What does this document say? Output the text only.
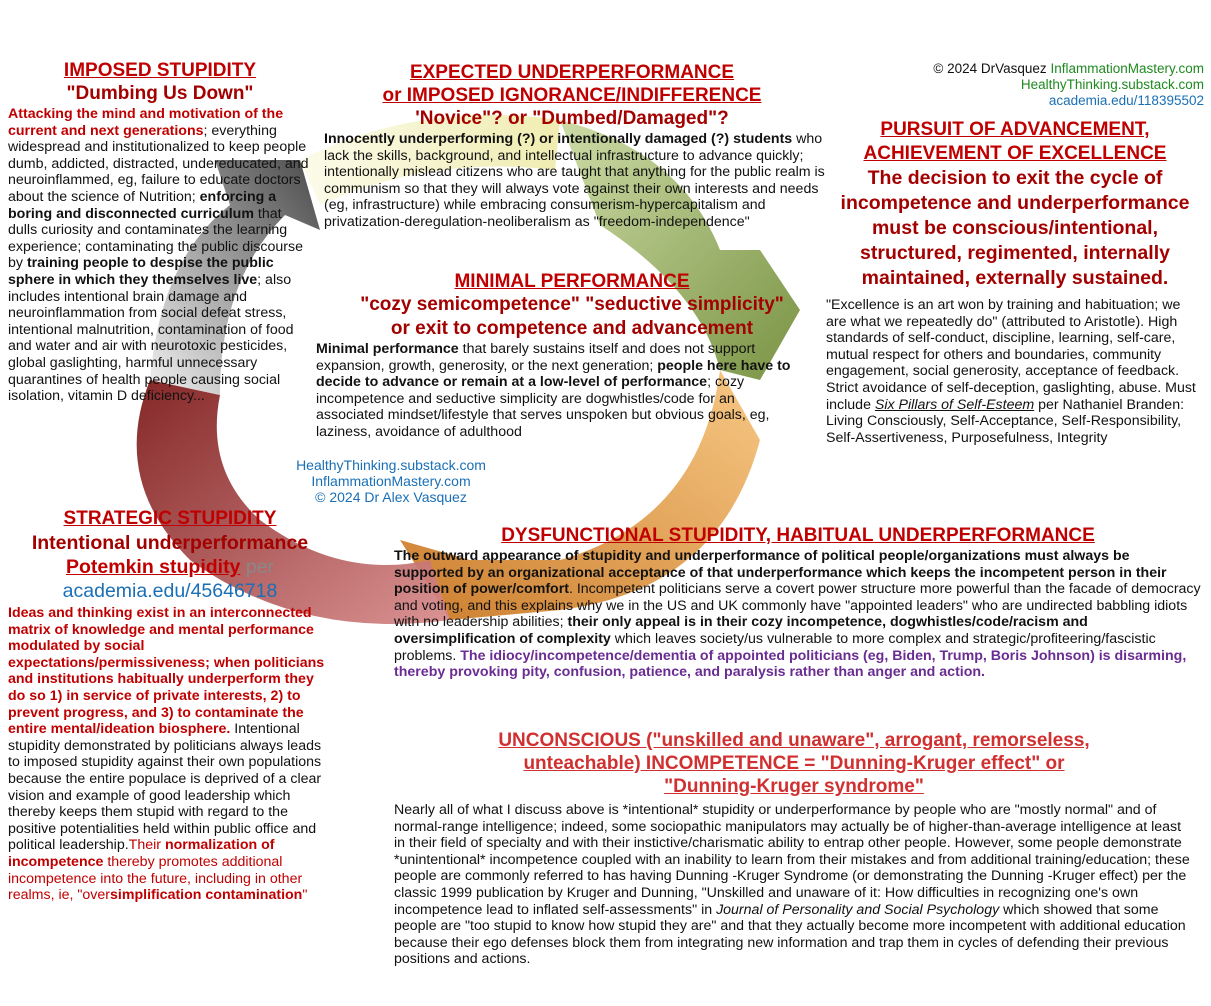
© 2024 DrVasquez InflammationMastery.com
HealthyThinking.substack.com
academia.edu/118395502

IMPOSED STUPIDITY

"Dumbing Us Down"

Attacking the mind and motivation of the current and next generations; everything widespread and institutionalized to keep people dumb, addicted, distracted, undereducated, and neuroinflammed, eg, failure to educate doctors about the science of Nutrition; enforcing a boring and disconnected curriculum that dulls curiosity and contaminates the learning experience; contaminating the public discourse by training people to despise the public sphere in which they themselves live; also includes intentional brain damage and neuroinflammation from social defeat stress, intentional malnutrition, contamination of food and water and air with neurotoxic pesticides, global gaslighting, harmful unnecessary quarantines of health people causing social isolation, vitamin D deficiency...

EXPECTED UNDERPERFORMANCE

or IMPOSED IGNORANCE/INDIFFERENCE

'Novice"? or "Dumbed/Damaged"?

Innocently underperforming (?) or intentionally damaged (?) students who lack the skills, background, and intellectual infrastructure to advance quickly; intentionally mislead citizens who are taught that anything for the public realm is communism so that they will always vote against their own interests and needs (eg, infrastructure) while embracing consumerism-hypercapitalism and privatization-deregulation-neoliberalism as "freedom-independence"

PURSUIT OF ADVANCEMENT,

ACHIEVEMENT OF EXCELLENCE

The decision to exit the cycle of incompetence and underperformance must be conscious/intentional, structured, regimented, internally maintained, externally sustained.

"Excellence is an art won by training and habituation; we are what we repeatedly do" (attributed to Aristotle). High standards of self-conduct, discipline, learning, self-care, mutual respect for others and boundaries, community engagement, social generosity, acceptance of feedback. Strict avoidance of self-deception, gaslighting, abuse. Must include Six Pillars of Self-Esteem per Nathaniel Branden: Living Consciously, Self-Acceptance, Self-Responsibility, Self-Assertiveness, Purposefulness, Integrity

MINIMAL PERFORMANCE

"cozy semicompetence" "seductive simplicity"

or exit to competence and advancement

Minimal performance that barely sustains itself and does not support expansion, growth, generosity, or the next generation; people here have to decide to advance or remain at a low-level of performance; cozy incompetence and seductive simplicity are dogwhistles/code for an associated mindset/lifestyle that serves unspoken but obvious goals, eg, laziness, avoidance of adulthood

HealthyThinking.substack.com
InflammationMastery.com
© 2024 Dr Alex Vasquez

STRATEGIC STUPIDITY

Intentional underperformance

Potemkin stupidity per

academia.edu/45646718

Ideas and thinking exist in an interconnected matrix of knowledge and mental performance modulated by social expectations/permissiveness; when politicians and institutions habitually underperform they do so 1) in service of private interests, 2) to prevent progress, and 3) to contaminate the entire mental/ideation biosphere. Intentional stupidity demonstrated by politicians always leads to imposed stupidity against their own populations because the entire populace is deprived of a clear vision and example of good leadership which thereby keeps them stupid with regard to the positive potentialities held within public office and political leadership.Their normalization of incompetence thereby promotes additional incompetence into the future, including in other realms, ie, "oversimplification contamination"

DYSFUNCTIONAL STUPIDITY, HABITUAL UNDERPERFORMANCE

The outward appearance of stupidity and underperformance of political people/organizations must always be supported by an organizational acceptance of that underperformance which keeps the incompetent person in their position of power/comfort. Incompetent politicians serve a covert power structure more powerful than the facade of democracy and voting, and this explains why we in the US and UK commonly have "appointed leaders" who are undirected babbling idiots with no leadership abilities; their only appeal is in their cozy incompetence, dogwhistles/code/racism and oversimplification of complexity which leaves society/us vulnerable to more complex and strategic/profiteering/fascistic problems. The idiocy/incompetence/dementia of appointed politicians (eg, Biden, Trump, Boris Johnson) is disarming, thereby provoking pity, confusion, patience, and paralysis rather than anger and action.

UNCONSCIOUS ("unskilled and unaware", arrogant, remorseless,

unteachable) INCOMPETENCE = "Dunning-Kruger effect" or

"Dunning-Kruger syndrome"

Nearly all of what I discuss above is *intentional* stupidity or underperformance by people who are "mostly normal" and of normal-range intelligence; indeed, some sociopathic manipulators may actually be of higher-than-average intelligence at least in their field of specialty and with their instictive/charismatic ability to entrap other people. However, some people demonstrate *unintentional* incompetence coupled with an inability to learn from their mistakes and from additional training/education; these people are commonly referred to has having Dunning -Kruger Syndrome (or demonstrating the Dunning -Kruger effect) per the classic 1999 publication by Kruger and Dunning, "Unskilled and unaware of it: How difficulties in recognizing one's own incompetence lead to inflated self-assessments" in Journal of Personality and Social Psychology which showed that some people are "too stupid to know how stupid they are" and that they actually become more incompetent with additional education because their ego defenses block them from integrating new information and trap them in cycles of defending their previous positions and actions.
